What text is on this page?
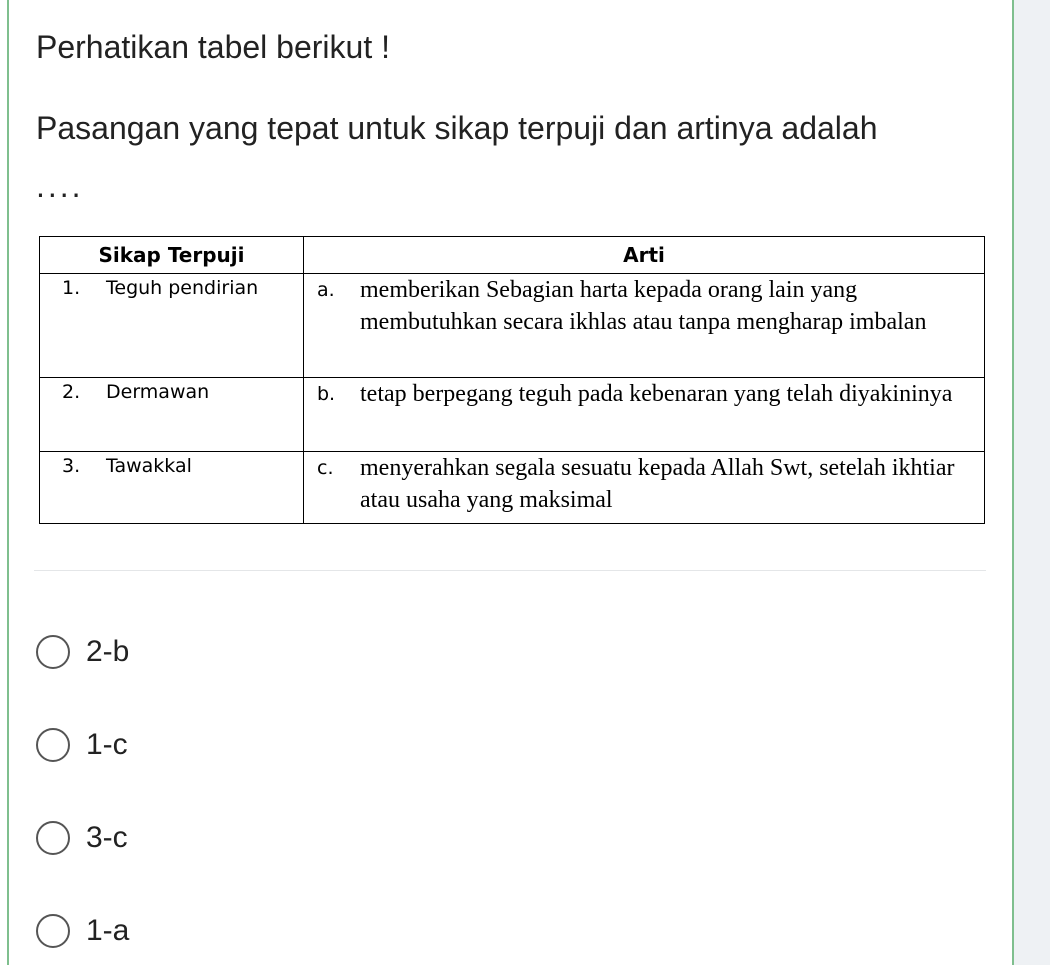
Perhatikan tabel berikut !
Pasangan yang tepat untuk sikap terpuji dan artinya adalah
....
Sikap Terpuji	Arti
1. Teguh pendirian	a. memberikan Sebagian harta kepada orang lain yang membutuhkan secara ikhlas atau tanpa mengharap imbalan

2. Dermawan	b. tetap berpegang teguh pada kebenaran yang telah diyakininya

3. Tawakkal	c. menyerahkan segala sesuatu kepada Allah Swt, setelah ikhtiar atau usaha yang maksimal
2-b
1-c
3-c
1-a
